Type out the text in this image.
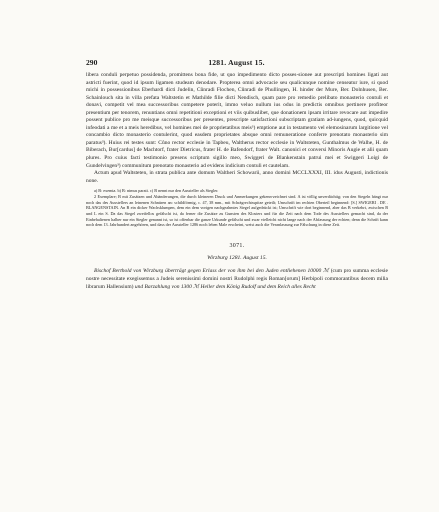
290	1281. August 15.

libera conduli perpetuo possidenda, promittens bona fide, ut quo impedimento dicto posses-sionee aut prescripti homines ligati aut astricti fuerint, quod id ipsum ligamen studeam denodare. Propterea omni advocacie seu qualicunque nomine censeatur iure, si quod michi in possessionibus Eberhardi dicti Judelin, Cůnradi Flochen, Cůnradi de Phullingen, H. hinder der Mure, Ber. Dolnhusen, Ber. Schainlouch sita in villa prefata Waltstetin et Mathilde filie dicti Nendisch, quam pare pro remedio prelibato monasterio contuli et donavi, competit vel mea successoribus competere poterit, immo veluo nullum ius odus in predictis omnibus pertinere profiteor presentium per tenorem, renuntians omni repetitioni exceptioni et viis quibuslibet, que donationem ipsam irritare revocare aut impedire possent publice pro me meisque successoribus per presentes, prescripte satisfactioni subscriptam gratiam ad-iungens, quod, quicquid infeodati a me et a meis heredibus, vel homines mei de proprietatibus meis³) emptione aut in testamento vel elemosinarum largitione vel concambio dicto monasterio contulerint, quod easdem proprietates absque omni remuneratione conferre prenotato monasterio sim paratus³). Huius rei testes sunt: Cůno rector ecclesie in Tapbeu, Waltherus rector ecclesie in Waltsteten, Gunthalmus de Walhe, H. de Biberach, Bur[cardus] de Machtorf, frater Dietricus, frater H. de Bafendorf, frater Walt. canonici et conversi Minoris Augie et alii quam plures. Pro cuius facti testimonio presens scriptum sigillo meo, Swiggeri de Blankenstain patrui mei et Swiggeri Loigi de Gundelvingen³) communitum prenotato monasterio ad evidens indicium contuli et cautelam.

Actum apud Waltsteten, in strata publica ante domum Waltheri Schowarii, anno domini MCCLXXXI, III. idus Augusti, indictionis none.

a) B: exemta. b) B: nimus parati. c) B nennt nur den Aussteller als Siegler.

2 Exemplare; B mit Zusätzen und Abänderungen, die durch kleineren Druck und Anmerkungen gekenn-zeichnet sind. A ist völlig unverdächtig; von den Siegeln hängt nur noch das des Ausstellers an leinenen Schnüren an: schildförmig, c. 47, 38 mm., mit Schrägrechtsspitze geteilt; Umschrift im rechten Oberteil beginnend: [S.] SWIGERI . DE . BLANGENSTAIN. An B ein dicker Wachsklumpen, dem ein dem vorigen nachgeahmtes Siegel aufgedrückt ist; Umschrift wie dort beginnend, aber das B verkehrt, zwischen B und L ein S. Da das Siegel zweifellos gefälscht ist, da ferner die Zusätze zu Gunsten des Klosters und für die Zeit nach dem Tode des Ausstellers gemacht sind, da der Einbehaltenen halber nur ein Siegler genannt ist, so ist offenbar die ganze Urkunde gefälscht und zwar vielleicht nicht lange nach der Abfassung der echten; denn die Schrift kann noch dem 13. Jahrhundert angehören, und dass der Aussteller 1286 noch leben Male erscheint, weist auch die Veranlassung zur Fälschung in diese Zeit.

3071.
Wirzburg 1281. August 15.

Bischof Berthold von Wirzburg überträgt gegen Erlass der von ihm bei den Juden entliehenen 10000 ℳ (cum pro summa ecclesie nostre necessitate exegissemus a Judeis serenissimi domini nostri Rudolphi regis Roman[orum] Herbipoli commorantibus decem milia librarum Hallensium) und Barzahlung von 1300 ℳ Heller dem König Rudolf und dem Reich alles Recht
